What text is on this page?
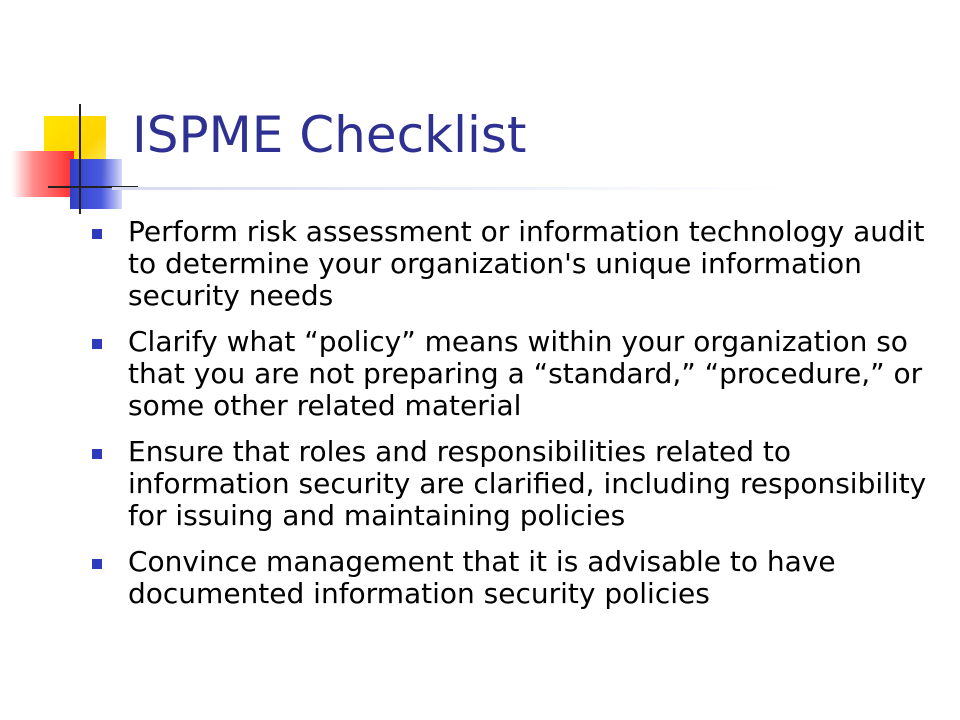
ISPME Checklist
Perform risk assessment or information technology audit to determine your organization's unique information security needs
Clarify what “policy” means within your organization so that you are not preparing a “standard,” “procedure,” or some other related material
Ensure that roles and responsibilities related to information security are clarified, including responsibility for issuing and maintaining policies
Convince management that it is advisable to have documented information security policies
